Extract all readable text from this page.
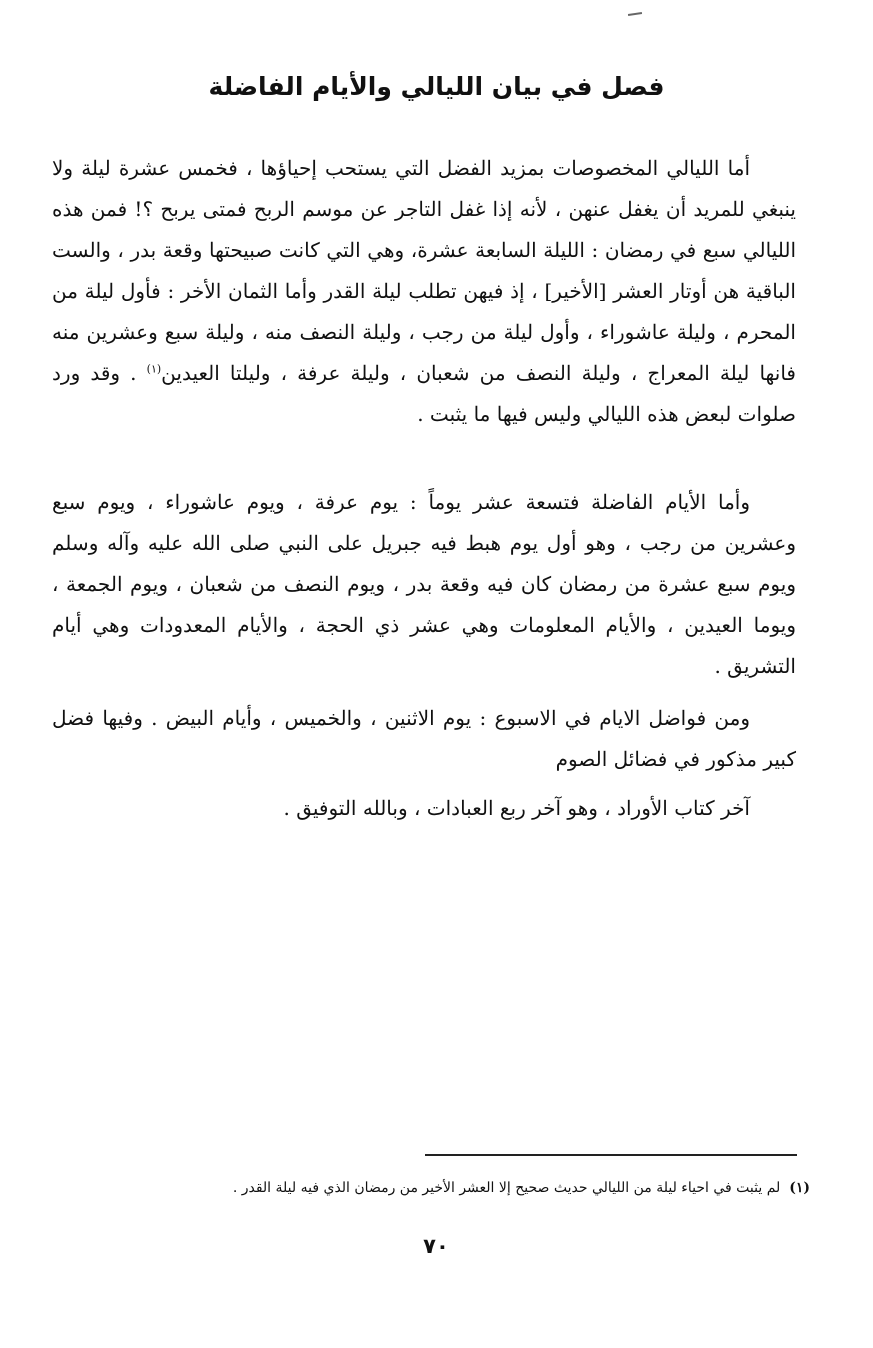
فصل في بيان الليالي والأيام الفاضلة

أما الليالي المخصوصات بمزيد الفضل التي يستحب إحياؤها ، فخمس عشرة ليلة ولا ينبغي للمريد أن يغفل عنهن ، لأنه إذا غفل التاجر عن موسم الربح فمتى يربح ؟! فمن هذه الليالي سبع في رمضان : الليلة السابعة عشرة، وهي التي كانت صبيحتها وقعة بدر ، والست الباقية هن أوتار العشر [الأخير] ، إذ فيهن تطلب ليلة القدر وأما الثمان الأخر : فأول ليلة من المحرم ، وليلة عاشوراء ، وأول ليلة من رجب ، وليلة النصف منه ، وليلة سبع وعشرين منه فانها ليلة المعراج ، وليلة النصف من شعبان ، وليلة عرفة ، وليلتا العيدين$^{(١)}$ . وقد ورد صلوات لبعض هذه الليالي وليس فيها ما يثبت .

وأما الأيام الفاضلة فتسعة عشر يوماً : يوم عرفة ، ويوم عاشوراء ، ويوم سبع وعشرين من رجب ، وهو أول يوم هبط فيه جبريل على النبي صلى الله عليه وآله وسلم ويوم سبع عشرة من رمضان كان فيه وقعة بدر ، ويوم النصف من شعبان ، ويوم الجمعة ، ويوما العيدين ، والأيام المعلومات وهي عشر ذي الحجة ، والأيام المعدودات وهي أيام التشريق .

ومن فواضل الايام في الاسبوع : يوم الاثنين ، والخميس ، وأيام البيض . وفيها فضل كبير مذكور في فضائل الصوم

آخر كتاب الأوراد ، وهو آخر ربع العبادات ، وبالله التوفيق .

(١)  لم يثبت في احياء ليلة من الليالي حديث صحيح إلا العشر الأخير من رمضان الذي فيه ليلة القدر .

٧٠
